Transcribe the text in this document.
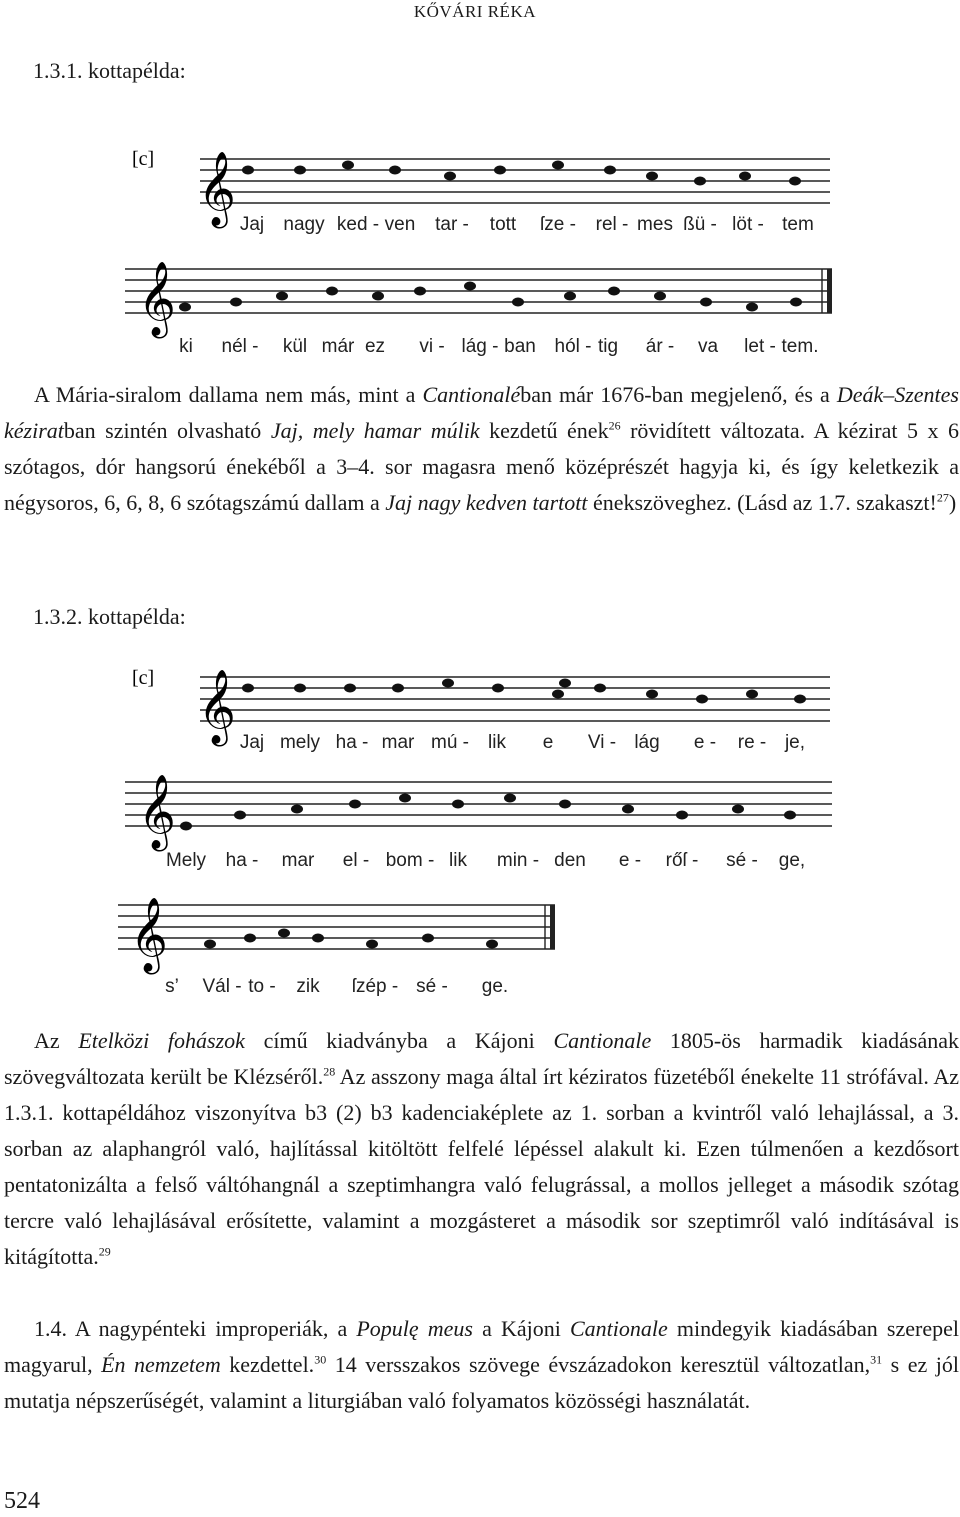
KŐVÁRI RÉKA
1.3.1. kottapélda:
[c] 𝄞 Jaj nagy ked - ven tar - tott ſze - rel - mes ßü - löt - tem
𝄞
ki nél - kül már ez vi - lág - ban hól - tig ár - va let - tem.

A Mária-siralom dallama nem más, mint a Cantionaléban már 1676-ban megjelenő, és a Deák–Szentes kéziratban szintén olvasható Jaj, mely hamar múlik kezdetű ének$^{26}$ rövidített változata. A kézirat 5 x 6 szótagos, dór hangsorú énekéből a 3–4. sor magasra menő középrészét hagyja ki, és így keletkezik a négysoros, 6, 6, 8, 6 szótagszámú dallam a Jaj nagy kedven tartott énekszöveghez. (Lásd az 1.7. szakaszt!$^{27}$)

1.3.2. kottapélda:
[c] 𝄞 Jaj mely ha - mar mú - lik e Vi - lág e - re - je,
𝄞
Mely ha - mar el - bom - lik min - den e - rőſ - sé - ge,
𝄞
s’ Vál - to - zik ſzép - sé - ge.

Az Etelközi fohászok című kiadványba a Kájoni Cantionale 1805-ös harmadik kiadásának szövegváltozata került be Klézséről.$^{28}$ Az asszony maga által írt kéziratos füzetéből énekelte 11 strófával. Az 1.3.1. kottapéldához viszonyítva b3 (2) b3 kadenciaképlete az 1. sorban a kvintről való lehajlással, a 3. sorban az alaphangról való, hajlítással kitöltött felfelé lépéssel alakult ki. Ezen túlmenően a kezdősort pentatonizálta a felső váltóhangnál a szeptimhangra való felugrással, a mollos jelleget a második szótag tercre való lehajlásával erősítette, valamint a mozgásteret a második sor szeptimről való indításával is kitágította.$^{29}$

1.4. A nagypénteki improperiák, a Populę meus a Kájoni Cantionale mindegyik kiadásában szerepel magyarul, Én nemzetem kezdettel.$^{30}$ 14 versszakos szövege évszázadokon keresztül változatlan,$^{31}$ s ez jól mutatja népszerűségét, valamint a liturgiában való folyamatos közösségi használatát.

524
